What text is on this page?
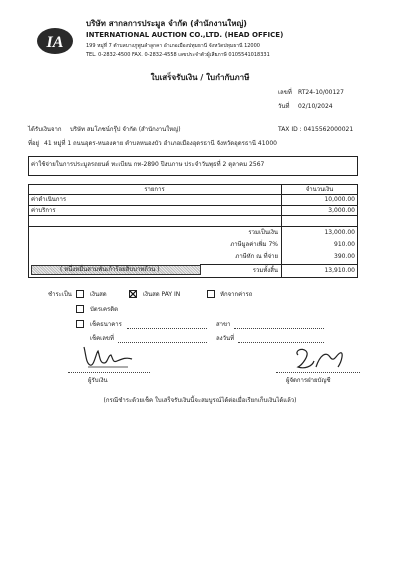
IA
บริษัท สากลการประมูล จำกัด (สำนักงานใหญ่)
INTERNATIONAL AUCTION CO.,LTD. (HEAD OFFICE)
199 หมู่ที่ 7 ตำบลบางภูพูนลำลูกคา อำเภอเมืองปทุมธานี จังหวัดปทุมธานี 12000
TEL. 0-2832-4500 FAX. 0-2832-4558 เลขประจำตัวผู้เสียภาษี 0105541018331
ใบเสร็จรับเงิน / ใบกำกับภาษี
เลขที่ RT24-10/00127
วันที่ 02/10/2024
ได้รับเงินจาก บริษัท สมโภชน์กรุ๊ป จำกัด (สำนักงานใหญ่)	TAX ID : 0415562000021
ที่อยู่ 41 หมู่ที่ 1 ถนนอุดร-หนองคาย ตำบลหนองบัว อำเภอเมืองอุดรธานี จังหวัดอุดรธานี 41000
ค่าใช้จ่ายในการประมูลรถยนต์ ทะเบียน กท-2890 ปีงบภาษ ประจำวันพุธที่ 2 ตุลาคม 2567
รายการ	จำนวนเงิน
ค่าดำเนินการ	10,000.00
ค่าบริการ	3,000.00
รวมเป็นเงิน	13,000.00
ภาษีมูลค่าเพิ่ม 7%	910.00
ภาษีหัก ณ ที่จ่าย	390.00
( หนึ่งหมื่นสามพันเก้าร้อยสิบบาทถ้วน )	รวมทั้งสิ้น	13,910.00
ชำระเป็น	เงินสด	เงินสด PAY IN	หักจากค่ารถ
บัตรเครดิต
เช็คธนาคาร	สาขา
เช็คเลขที่	ลงวันที่
ผู้รับเงิน	ผู้จัดการฝ่ายบัญชี
(กรณีชำระด้วยเช็ค ใบเสร็จรับเงินนี้จะสมบูรณ์ได้ต่อเมื่อเรียกเก็บเงินได้แล้ว)
